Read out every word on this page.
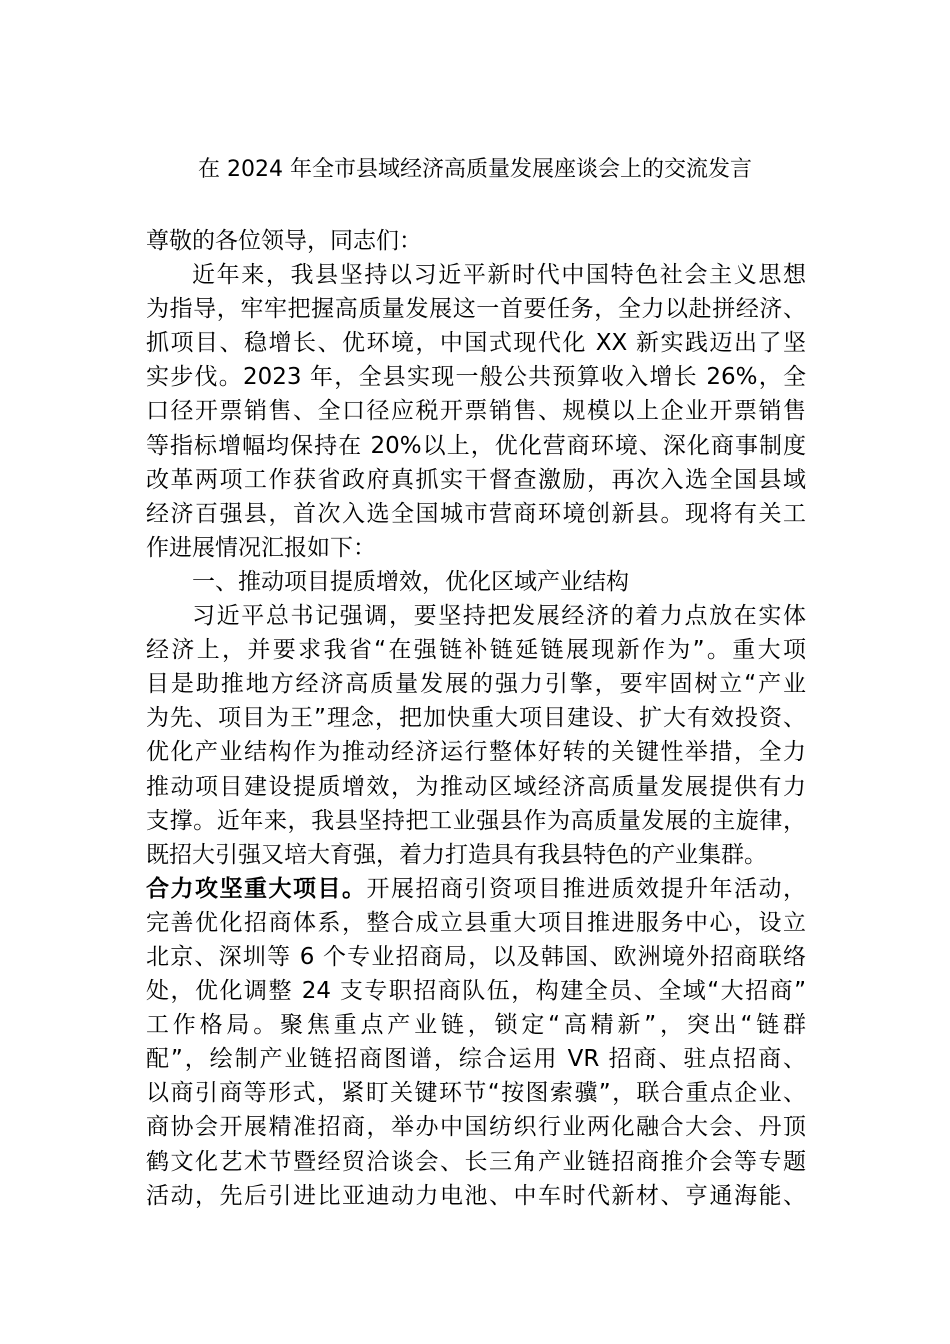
在 2024 年全市县域经济高质量发展座谈会上的交流发言
尊敬的各位领导，同志们：
近年来，我县坚持以习近平新时代中国特色社会主义思想
为指导，牢牢把握高质量发展这一首要任务，全力以赴拼经济、
抓项目、稳增长、优环境，中国式现代化 XX 新实践迈出了坚
实步伐。2023 年，全县实现一般公共预算收入增长 26%，全
口径开票销售、全口径应税开票销售、规模以上企业开票销售
等指标增幅均保持在 20%以上，优化营商环境、深化商事制度
改革两项工作获省政府真抓实干督查激励，再次入选全国县域
经济百强县，首次入选全国城市营商环境创新县。现将有关工
作进展情况汇报如下：
一、推动项目提质增效，优化区域产业结构
习近平总书记强调，要坚持把发展经济的着力点放在实体
经济上，并要求我省“在强链补链延链展现新作为”。重大项
目是助推地方经济高质量发展的强力引擎，要牢固树立“产业
为先、项目为王”理念，把加快重大项目建设、扩大有效投资、
优化产业结构作为推动经济运行整体好转的关键性举措，全力
推动项目建设提质增效，为推动区域经济高质量发展提供有力
支撑。近年来，我县坚持把工业强县作为高质量发展的主旋律，
既招大引强又培大育强，着力打造具有我县特色的产业集群。
合力攻坚重大项目。开展招商引资项目推进质效提升年活动，
完善优化招商体系，整合成立县重大项目推进服务中心，设立
北京、深圳等 6 个专业招商局，以及韩国、欧洲境外招商联络
处，优化调整 24 支专职招商队伍，构建全员、全域“大招商”
工作格局。聚焦重点产业链，锁定“高精新”，突出“链群
配”，绘制产业链招商图谱，综合运用 VR 招商、驻点招商、
以商引商等形式，紧盯关键环节“按图索骥”，联合重点企业、
商协会开展精准招商，举办中国纺织行业两化融合大会、丹顶
鹤文化艺术节暨经贸洽谈会、长三角产业链招商推介会等专题
活动，先后引进比亚迪动力电池、中车时代新材、亨通海能、
